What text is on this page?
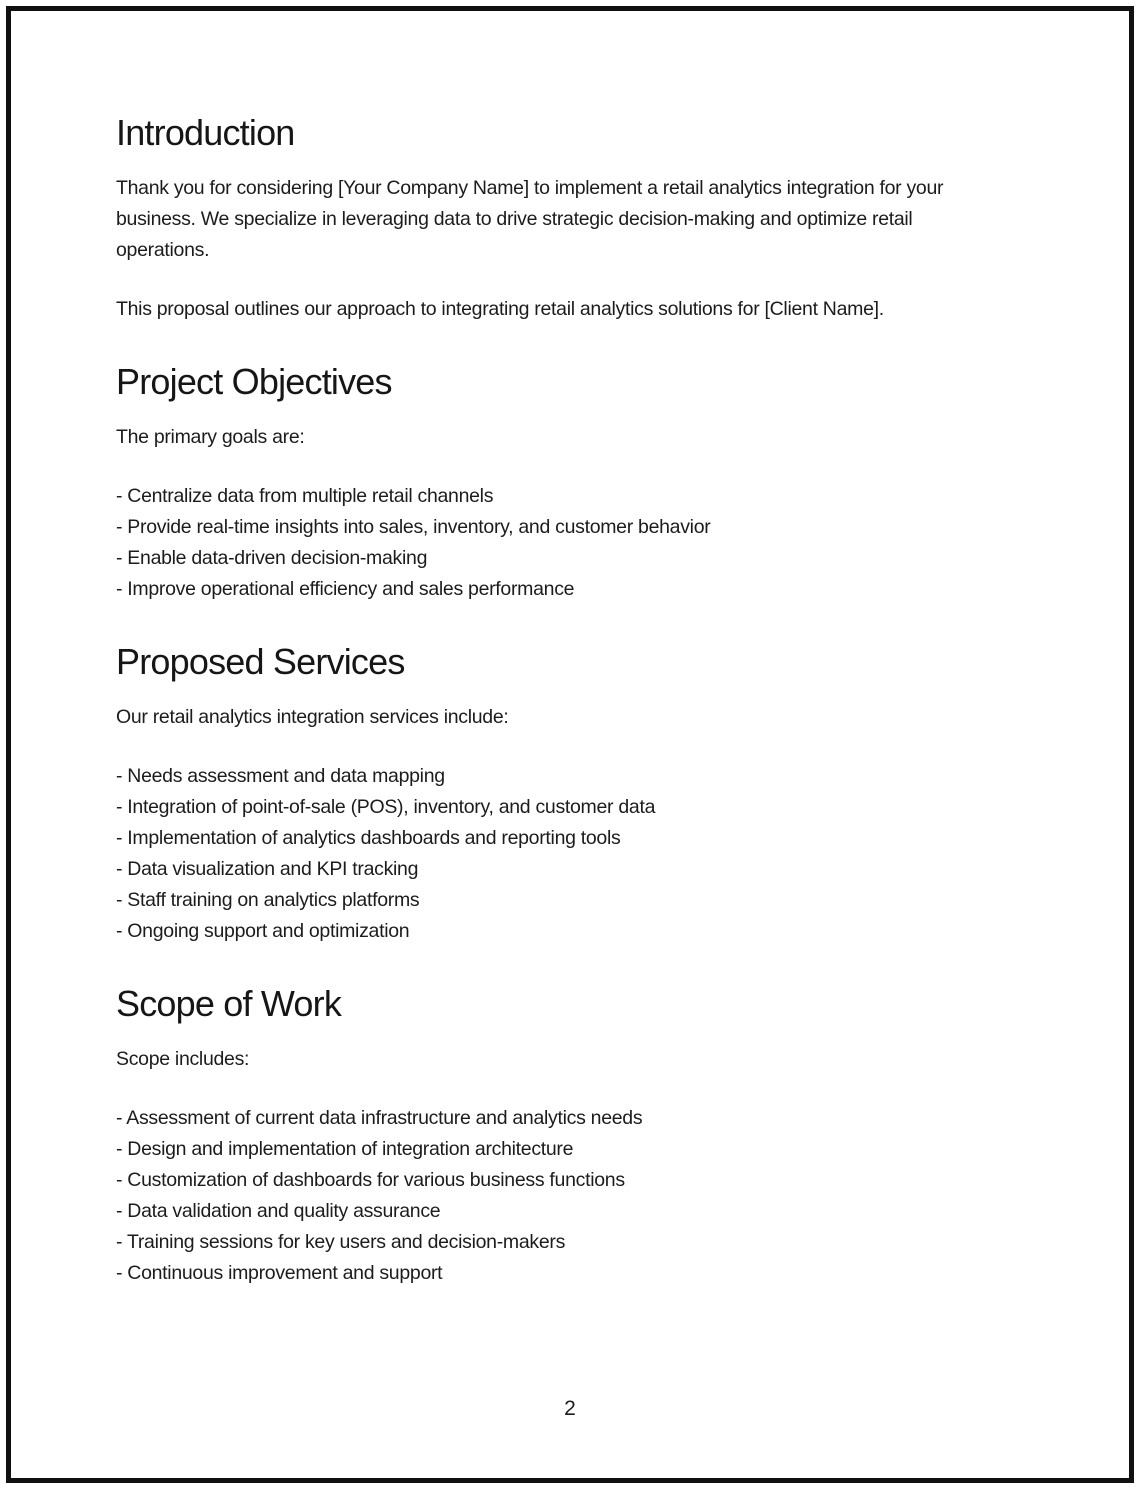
Introduction
Thank you for considering [Your Company Name] to implement a retail analytics integration for your
business. We specialize in leveraging data to drive strategic decision-making and optimize retail
operations.
This proposal outlines our approach to integrating retail analytics solutions for [Client Name].
Project Objectives
The primary goals are:
- Centralize data from multiple retail channels
- Provide real-time insights into sales, inventory, and customer behavior
- Enable data-driven decision-making
- Improve operational efficiency and sales performance
Proposed Services
Our retail analytics integration services include:
- Needs assessment and data mapping
- Integration of point-of-sale (POS), inventory, and customer data
- Implementation of analytics dashboards and reporting tools
- Data visualization and KPI tracking
- Staff training on analytics platforms
- Ongoing support and optimization
Scope of Work
Scope includes:
- Assessment of current data infrastructure and analytics needs
- Design and implementation of integration architecture
- Customization of dashboards for various business functions
- Data validation and quality assurance
- Training sessions for key users and decision-makers
- Continuous improvement and support
2
